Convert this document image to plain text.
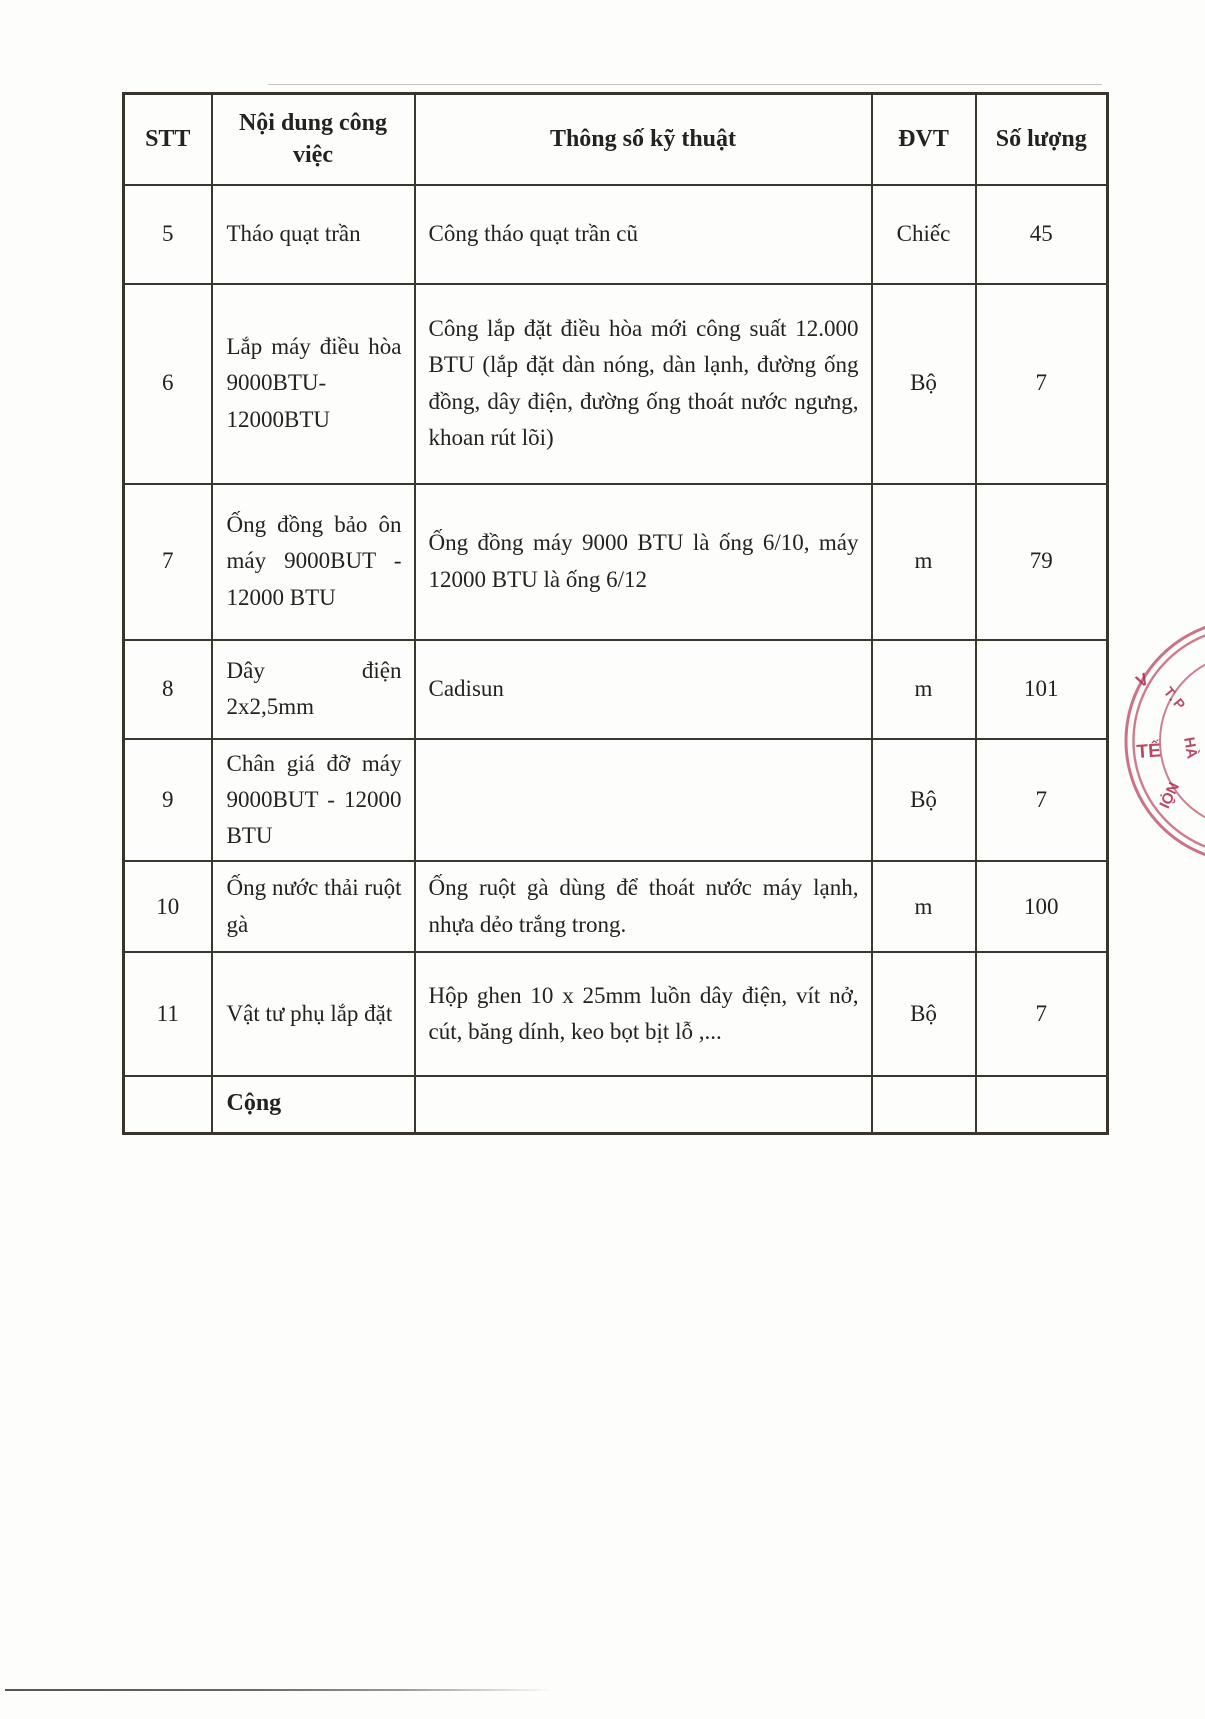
STT	Nội dung công việc	Thông số kỹ thuật	ĐVT	Số lượng
5	Tháo quạt trần	Công tháo quạt trần cũ	Chiếc	45
6	Lắp máy điều hòa 9000BTU-12000BTU	Công lắp đặt điều hòa mới công suất 12.000 BTU (lắp đặt dàn nóng, dàn lạnh, đường ống đồng, dây điện, đường ống thoát nước ngưng, khoan rút lõi)	Bộ	7
7	Ống đồng bảo ôn máy 9000BUT - 12000 BTU	Ống đồng máy 9000 BTU là ống 6/10, máy 12000 BTU là ống 6/12	m	79
8	Dây điện 2x2,5mm	Cadisun	m	101
9	Chân giá đỡ máy 9000BUT - 12000 BTU		Bộ	7
10	Ống nước thải ruột gà	Ống ruột gà dùng để thoát nước máy lạnh, nhựa dẻo trắng trong.	m	100
11	Vật tư phụ lắp đặt	Hộp ghen 10 x 25mm luồn dây điện, vít nở, cút, băng dính, keo bọt bịt lỗ ,...	Bộ	7
	Cộng			
V
T.P
TẾ HÀ
NỘI
